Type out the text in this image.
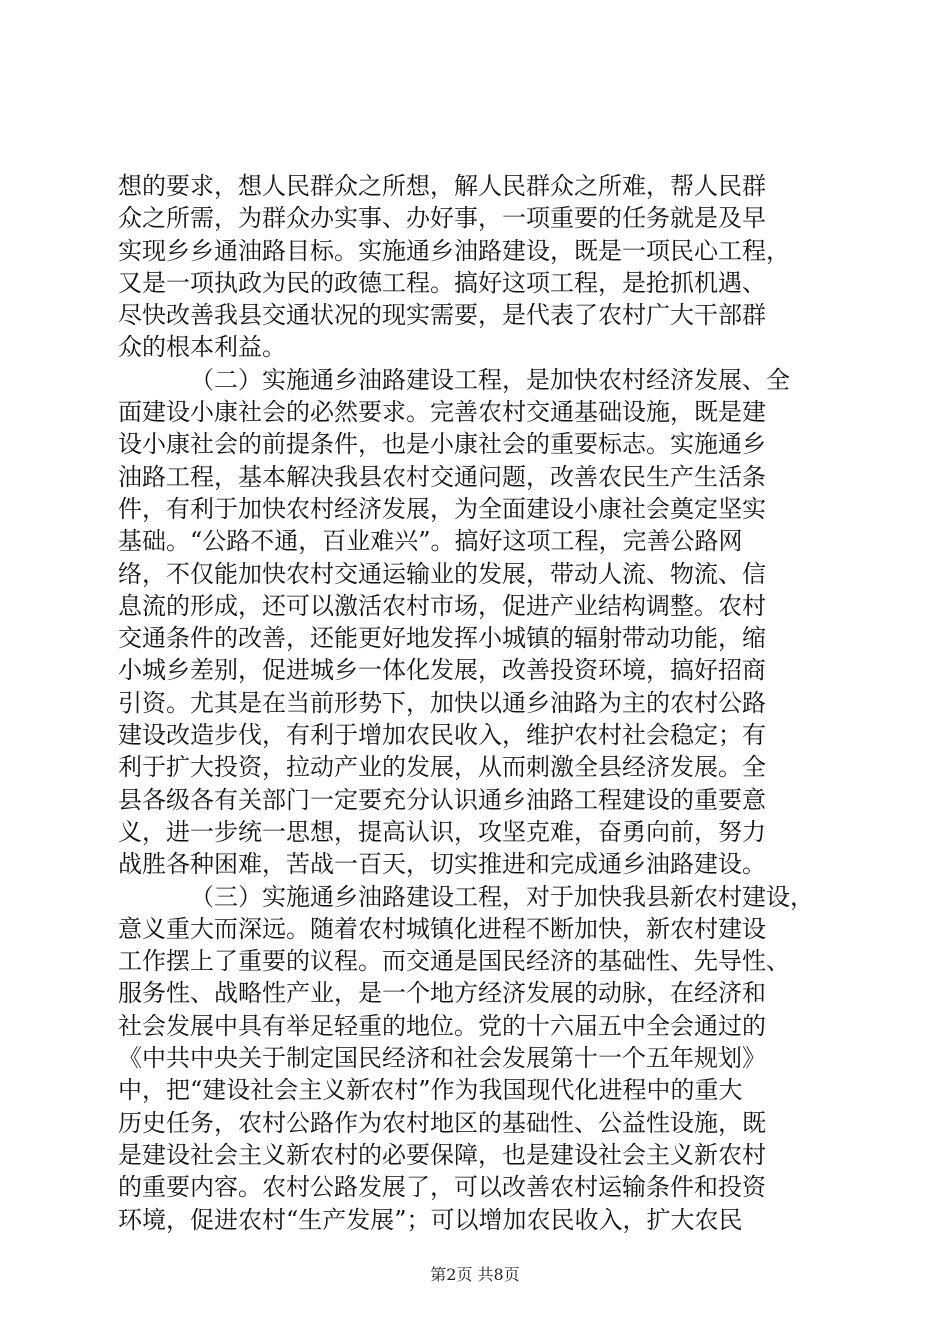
想的要求，想人民群众之所想，解人民群众之所难，帮人民群
众之所需，为群众办实事、办好事，一项重要的任务就是及早
实现乡乡通油路目标。实施通乡油路建设，既是一项民心工程，
又是一项执政为民的政德工程。搞好这项工程，是抢抓机遇、
尽快改善我县交通状况的现实需要，是代表了农村广大干部群
众的根本利益。
（二）实施通乡油路建设工程，是加快农村经济发展、全
面建设小康社会的必然要求。完善农村交通基础设施，既是建
设小康社会的前提条件，也是小康社会的重要标志。实施通乡
油路工程，基本解决我县农村交通问题，改善农民生产生活条
件，有利于加快农村经济发展，为全面建设小康社会奠定坚实
基础。“公路不通，百业难兴”。搞好这项工程，完善公路网
络，不仅能加快农村交通运输业的发展，带动人流、物流、信
息流的形成，还可以激活农村市场，促进产业结构调整。农村
交通条件的改善，还能更好地发挥小城镇的辐射带动功能，缩
小城乡差别，促进城乡一体化发展，改善投资环境，搞好招商
引资。尤其是在当前形势下，加快以通乡油路为主的农村公路
建设改造步伐，有利于增加农民收入，维护农村社会稳定；有
利于扩大投资，拉动产业的发展，从而刺激全县经济发展。全
县各级各有关部门一定要充分认识通乡油路工程建设的重要意
义，进一步统一思想，提高认识，攻坚克难，奋勇向前，努力
战胜各种困难，苦战一百天，切实推进和完成通乡油路建设。
（三）实施通乡油路建设工程，对于加快我县新农村建设，
意义重大而深远。随着农村城镇化进程不断加快，新农村建设
工作摆上了重要的议程。而交通是国民经济的基础性、先导性、
服务性、战略性产业，是一个地方经济发展的动脉，在经济和
社会发展中具有举足轻重的地位。党的十六届五中全会通过的
《中共中央关于制定国民经济和社会发展第十一个五年规划》
中，把“建设社会主义新农村”作为我国现代化进程中的重大
历史任务，农村公路作为农村地区的基础性、公益性设施，既
是建设社会主义新农村的必要保障，也是建设社会主义新农村
的重要内容。农村公路发展了，可以改善农村运输条件和投资
环境，促进农村“生产发展”；可以增加农民收入，扩大农民
第2页 共8页
